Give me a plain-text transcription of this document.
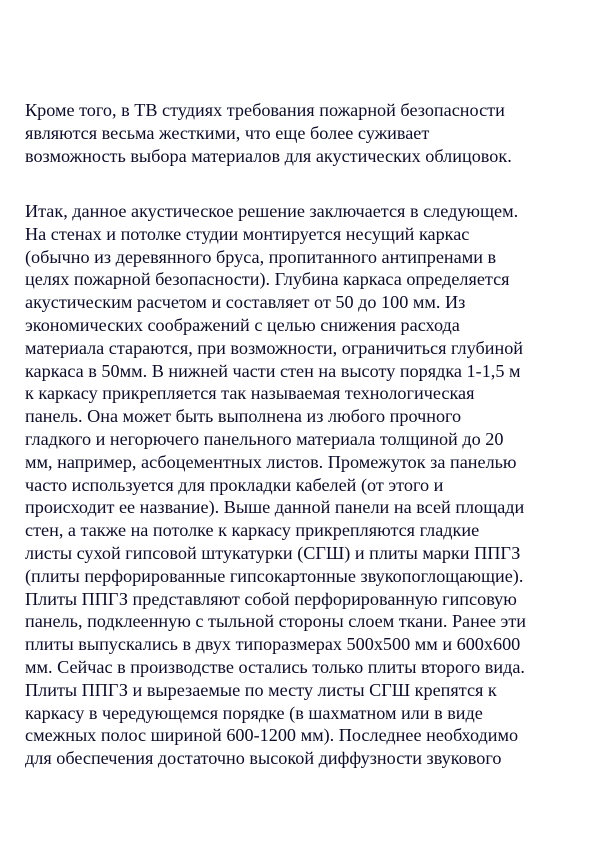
Кроме того, в ТВ студиях требования пожарной безопасности
являются весьма жесткими, что еще более суживает
возможность выбора материалов для акустических облицовок.
Итак, данное акустическое решение заключается в следующем.
На стенах и потолке студии монтируется несущий каркас
(обычно из деревянного бруса, пропитанного антипренами в
целях пожарной безопасности). Глубина каркаса определяется
акустическим расчетом и составляет от 50 до 100 мм. Из
экономических соображений с целью снижения расхода
материала стараются, при возможности, ограничиться глубиной
каркаса в 50мм. В нижней части стен на высоту порядка 1-1,5 м
к каркасу прикрепляется так называемая технологическая
панель. Она может быть выполнена из любого прочного
гладкого и негорючего панельного материала толщиной до 20
мм, например, асбоцементных листов. Промежуток за панелью
часто используется для прокладки кабелей (от этого и
происходит ее название). Выше данной панели на всей площади
стен, а также на потолке к каркасу прикрепляются гладкие
листы сухой гипсовой штукатурки (СГШ) и плиты марки ППГЗ
(плиты перфорированные гипсокартонные звукопоглощающие).
Плиты ППГЗ представляют собой перфорированную гипсовую
панель, подклеенную с тыльной стороны слоем ткани. Ранее эти
плиты выпускались в двух типоразмерах 500х500 мм и 600х600
мм. Сейчас в производстве остались только плиты второго вида.
Плиты ППГЗ и вырезаемые по месту листы СГШ крепятся к
каркасу в чередующемся порядке (в шахматном или в виде
смежных полос шириной 600-1200 мм). Последнее необходимо
для обеспечения достаточно высокой диффузности звукового
